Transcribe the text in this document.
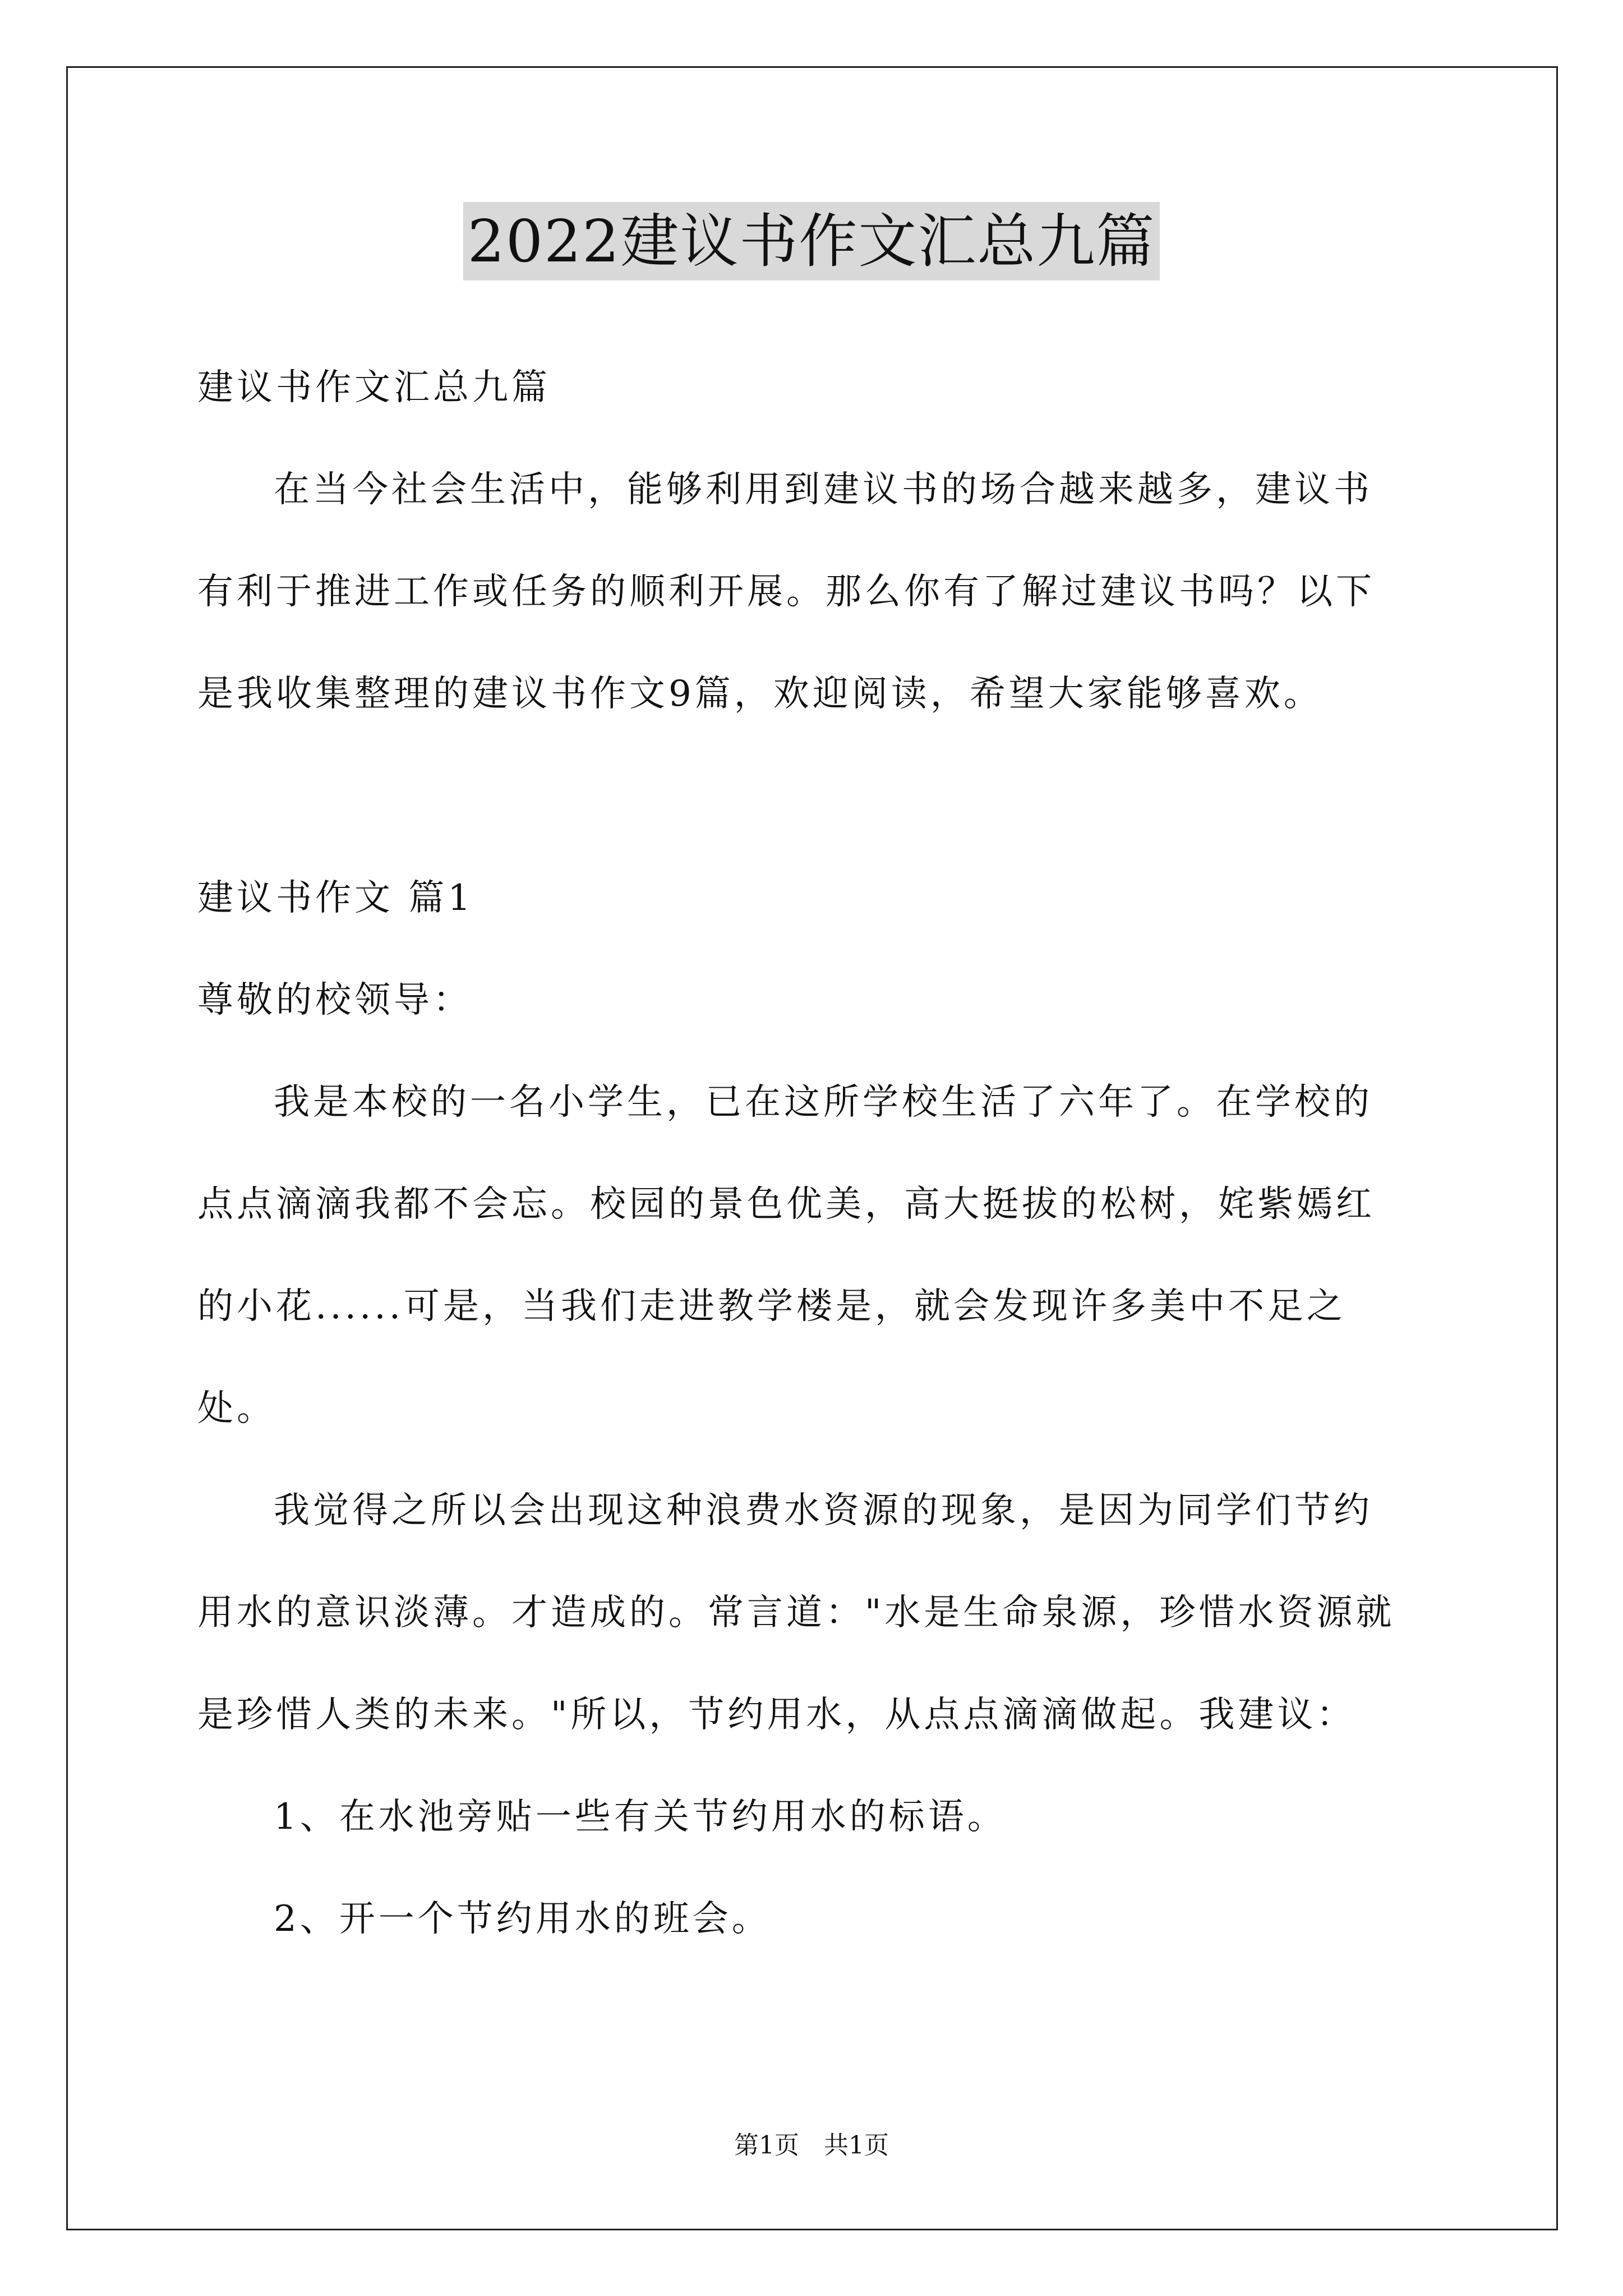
2022建议书作文汇总九篇

建议书作文汇总九篇

在当今社会生活中，能够利用到建议书的场合越来越多，建议书

有利于推进工作或任务的顺利开展。那么你有了解过建议书吗？以下

是我收集整理的建议书作文9篇，欢迎阅读，希望大家能够喜欢。

建议书作文 篇1

尊敬的校领导：

我是本校的一名小学生，已在这所学校生活了六年了。在学校的

点点滴滴我都不会忘。校园的景色优美，高大挺拔的松树，姹紫嫣红

的小花......可是，当我们走进教学楼是，就会发现许多美中不足之

处。

我觉得之所以会出现这种浪费水资源的现象，是因为同学们节约

用水的意识淡薄。才造成的。常言道："水是生命泉源，珍惜水资源就

是珍惜人类的未来。"所以，节约用水，从点点滴滴做起。我建议：

1、在水池旁贴一些有关节约用水的标语。

2、开一个节约用水的班会。

第1页　共1页
